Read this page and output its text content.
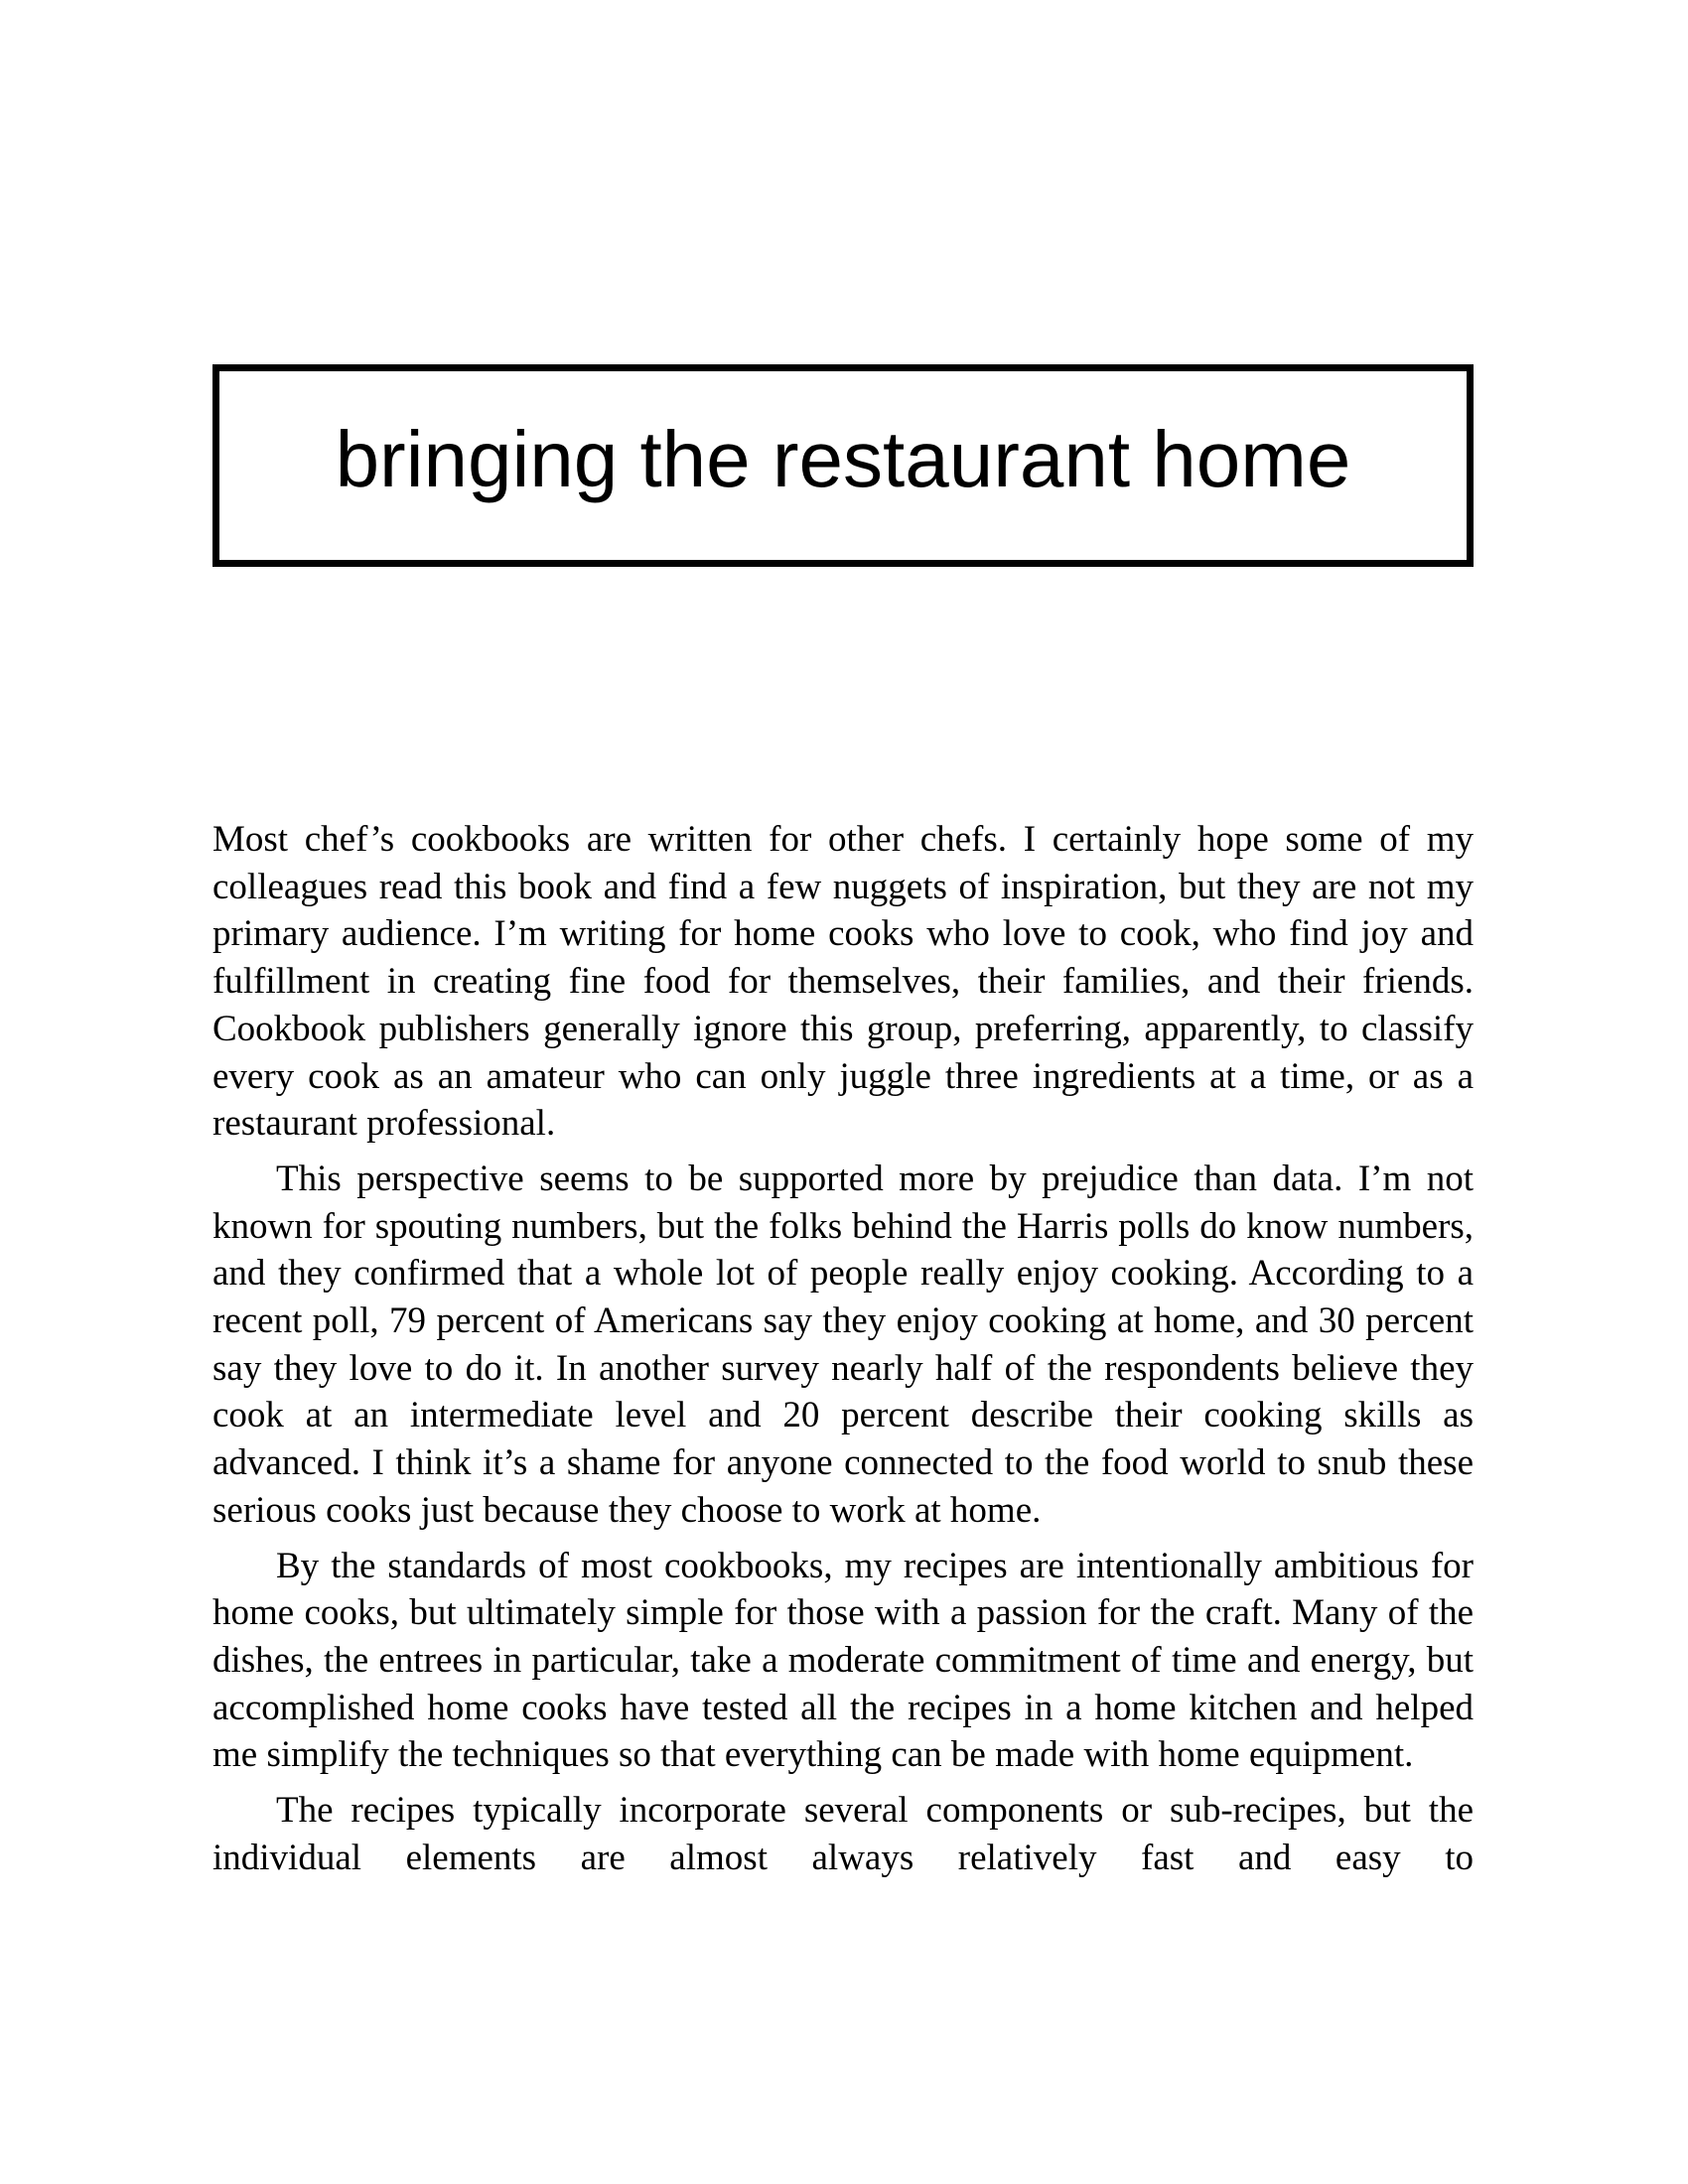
bringing the restaurant home

Most chef’s cookbooks are written for other chefs. I certainly hope some of my colleagues read this book and find a few nuggets of inspiration, but they are not my primary audience. I’m writing for home cooks who love to cook, who find joy and fulfillment in creating fine food for themselves, their families, and their friends. Cookbook publishers generally ignore this group, preferring, apparently, to classify every cook as an amateur who can only juggle three ingredients at a time, or as a restaurant professional.

This perspective seems to be supported more by prejudice than data. I’m not known for spouting numbers, but the folks behind the Harris polls do know numbers, and they confirmed that a whole lot of people really enjoy cooking. According to a recent poll, 79 percent of Americans say they enjoy cooking at home, and 30 percent say they love to do it. In another survey nearly half of the respondents believe they cook at an intermediate level and 20 percent describe their cooking skills as advanced. I think it’s a shame for anyone connected to the food world to snub these serious cooks just because they choose to work at home.

By the standards of most cookbooks, my recipes are intentionally ambitious for home cooks, but ultimately simple for those with a passion for the craft. Many of the dishes, the entrees in particular, take a moderate commitment of time and energy, but accomplished home cooks have tested all the recipes in a home kitchen and helped me simplify the techniques so that everything can be made with home equipment.

The recipes typically incorporate several components or sub-recipes, but the individual elements are almost always relatively fast and easy to
